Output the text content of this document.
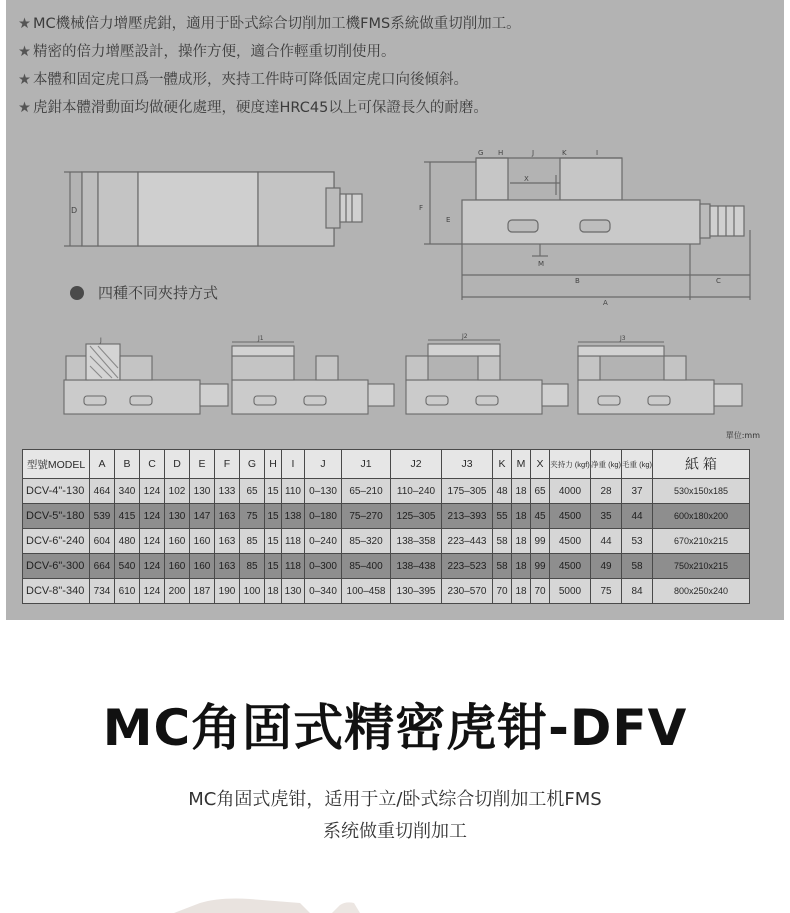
★ MC機械倍力增壓虎鉗，適用于卧式綜合切削加工機FMS系統做重切削加工。
★ 精密的倍力增壓設計，操作方便，適合作輕重切削使用。
★ 本體和固定虎口爲一體成形，夾持工件時可降低固定虎口向後傾斜。
★ 虎鉗本體滑動面均做硬化處理，硬度達HRC45以上可保證長久的耐磨。
D
G H	J	K	I
X
F
E
M
B	C
A
J	J1	J2	J3
四種不同夾持方式
單位:mm
型號MODEL	A	B	C	D	E	F	G	H	I	J	J1	J2	J3	K	M	X	夹持力 (kgf)	净重 (kg)	毛重 (kg)	紙 箱
DCV-4"-130	464	340	124	102	130	133	65	15	110	0–130	65–210	110–240	175–305	48	18	65	4000	28	37	530x150x185
DCV-5"-180	539	415	124	130	147	163	75	15	138	0–180	75–270	125–305	213–393	55	18	45	4500	35	44	600x180x200
DCV-6"-240	604	480	124	160	160	163	85	15	118	0–240	85–320	138–358	223–443	58	18	99	4500	44	53	670x210x215
DCV-6"-300	664	540	124	160	160	163	85	15	118	0–300	85–400	138–438	223–523	58	18	99	4500	49	58	750x210x215
DCV-8"-340	734	610	124	200	187	190	100	18	130	0–340	100–458	130–395	230–570	70	18	70	5000	75	84	800x250x240
MC角固式精密虎钳-DFV
MC角固式虎钳，适用于立/卧式综合切削加工机FMS
系统做重切削加工
